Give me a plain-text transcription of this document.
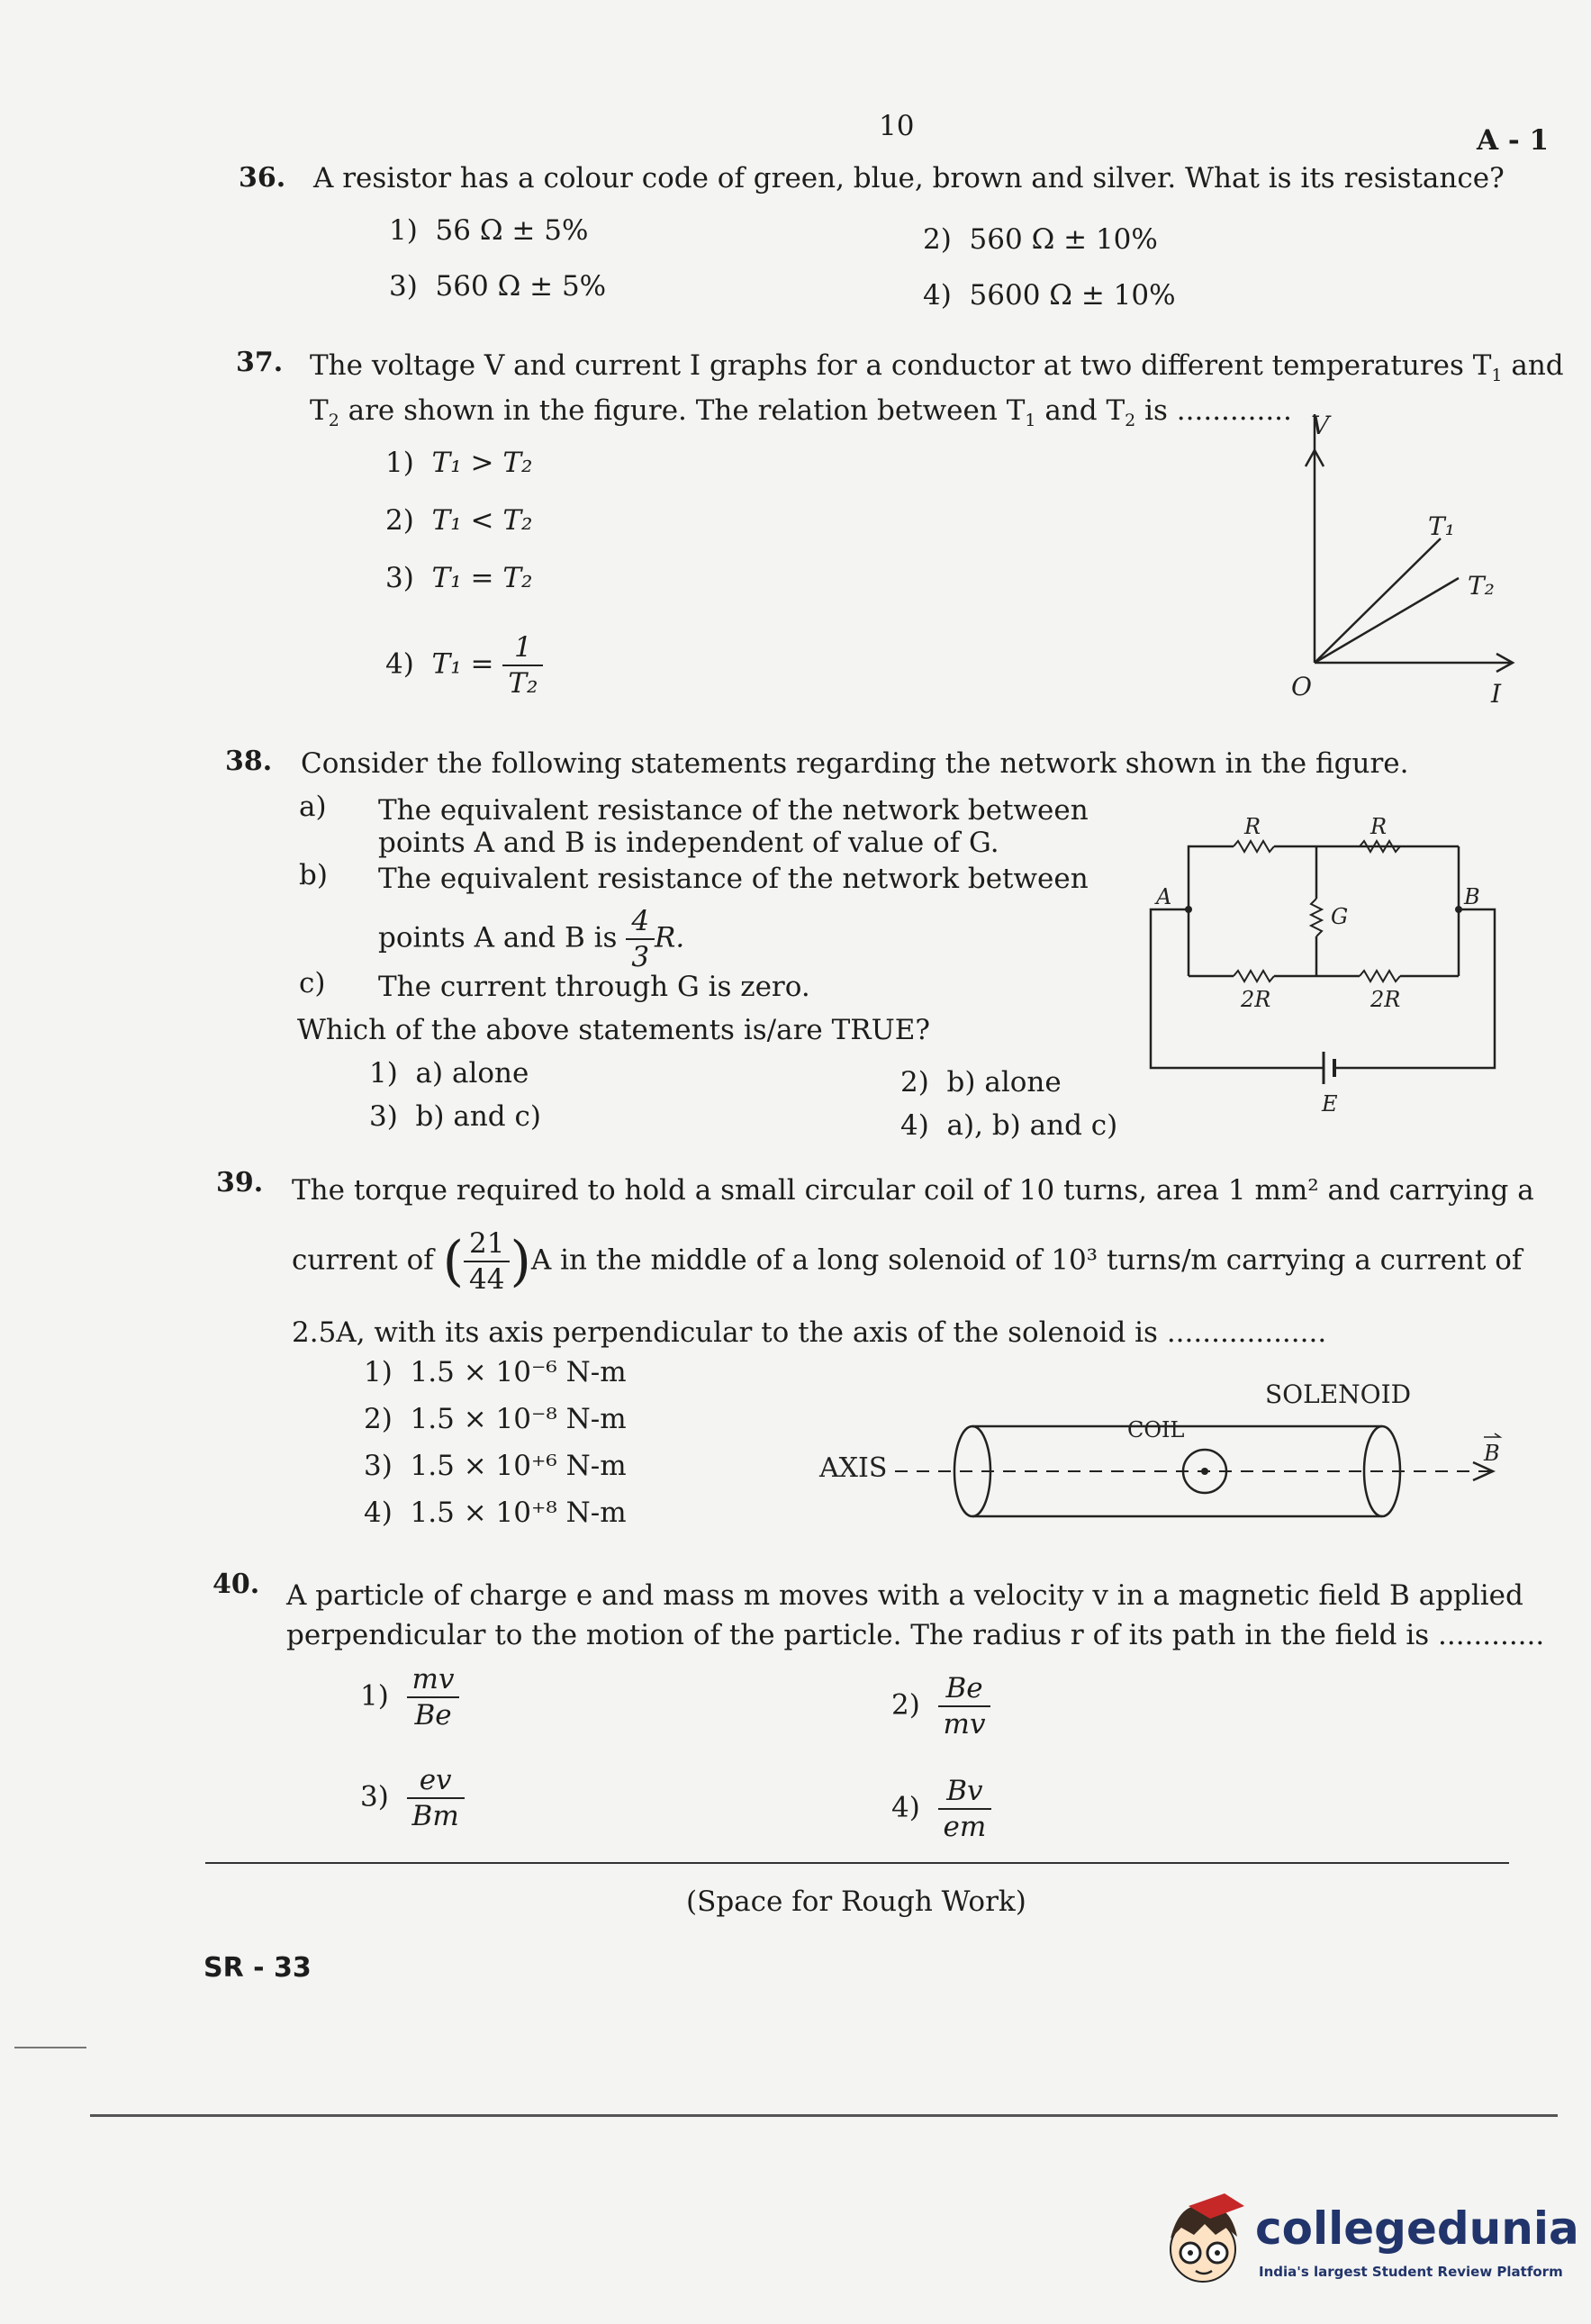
10	A - 1
36. A resistor has a colour code of green, blue, brown and silver. What is its resistance?
1) 56 Ω ± 5%	2) 560 Ω ± 10%
3) 560 Ω ± 5%	4) 5600 Ω ± 10%
37. The voltage V and current I graphs for a conductor at two different temperatures $T_1$ and
$T_2$ are shown in the figure. The relation between $T_1$ and $T_2$ is .............
1) T₁ > T₂
2) T₁ < T₂
3) T₁ = T₂
4) $T_1 = \frac{1}{\text{T₂}}$
V
I
O
T₁
T₂
38. Consider the following statements regarding the network shown in the figure.
a) The equivalent resistance of the network between
points A and B is independent of value of G.
b) The equivalent resistance of the network between
points A and B is $\frac{4}{3} R$.
c) The current through G is zero.
Which of the above statements is/are TRUE?
1) a) alone	2) b) alone
3) b) and c)	4) a), b) and c)
R	R
G
2R	2R
A	B
E
39. The torque required to hold a small circular coil of 10 turns, area 1 mm² and carrying a
current of ( $\frac{21}{44} )A$ in the middle of a long solenoid of 10³ turns/m carrying a current of
2.5A, with its axis perpendicular to the axis of the solenoid is ..................
1) 1.5 × 10⁻⁶ N-m
2) 1.5 × 10⁻⁸ N-m
3) 1.5 × 10⁺⁶ N-m
4) 1.5 × 10⁺⁸ N-m
SOLENOID
COIL
AXIS	B
40. A particle of charge e and mass m moves with a velocity v in a magnetic field B applied
perpendicular to the motion of the particle. The radius r of its path in the field is ............
$1) \frac{mv}{Be}$	$2) \frac{Be}{mv}$
$3) \frac{ev}{Bm}$	$4) \frac{Bv}{em}$
(Space for Rough Work)
SR - 33
collegedunia
India's largest Student Review Platform
